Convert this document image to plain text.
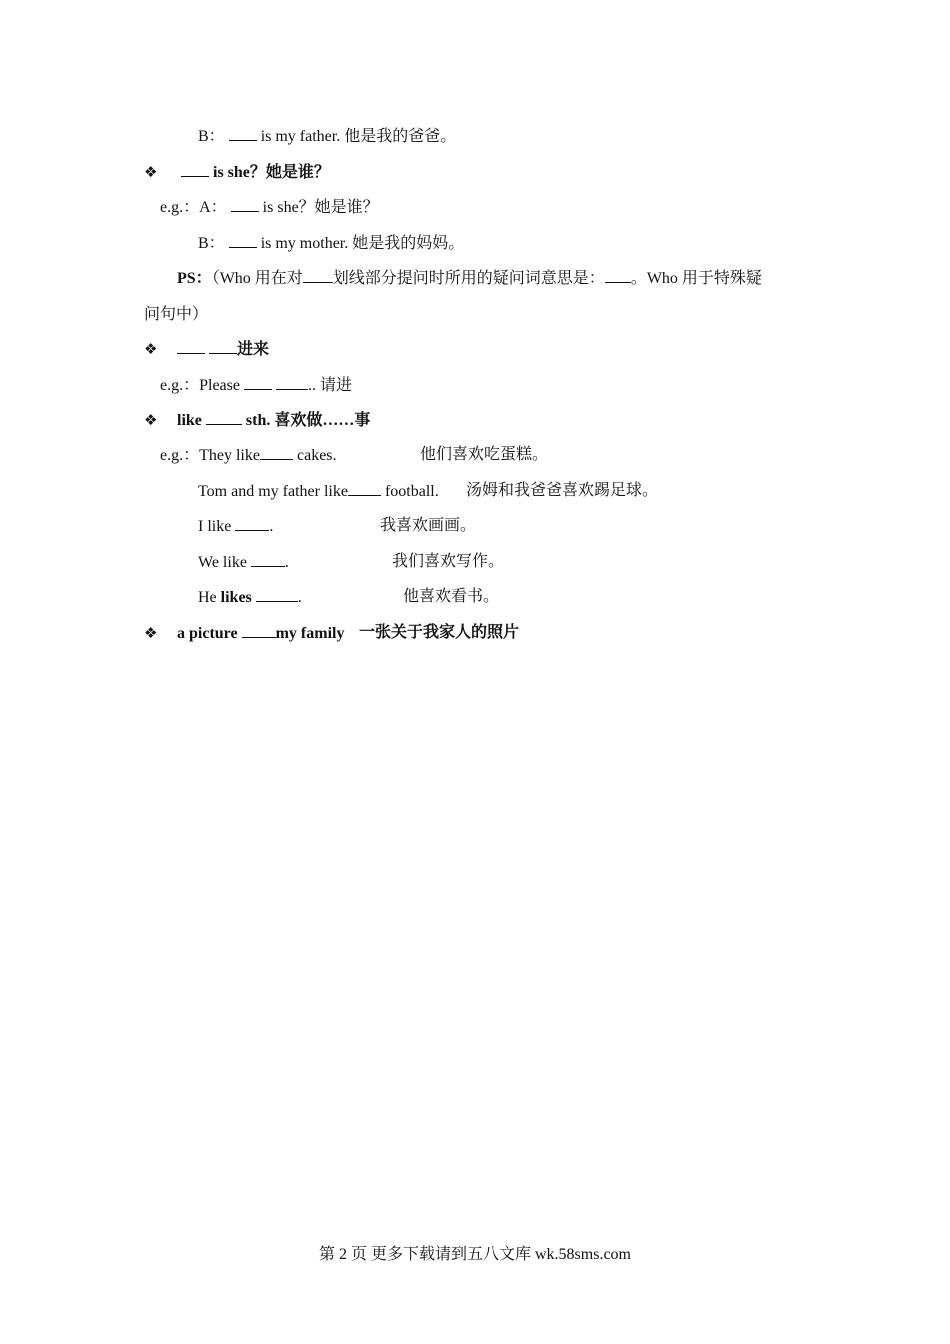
B：  is my father. 他是我的爸爸。
❖	is she？她是谁？
e.g.：A：  is she？她是谁？
B：  is my mother. 她是我的妈妈。
PS：（Who 用在对 划线部分提问时所用的疑问词意思是： 。Who 用于特殊疑
问句中）
❖	进来
e.g.：Please	.. 请进
❖ like	sth. 喜欢做……事
e.g.：They like cakes.	他们喜欢吃蛋糕。
Tom and my father like football. 汤姆和我爸爸喜欢踢足球。
I like .	我喜欢画画。
We like .	我们喜欢写作。
He likes	.	他喜欢看书。
❖ a picture my family 一张关于我家人的照片
第 2 页 更多下载请到五八文库 wk.58sms.com
